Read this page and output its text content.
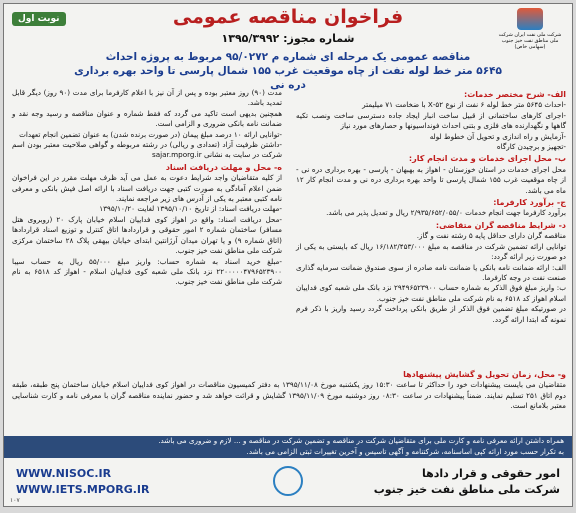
نوبت اول	فراخوان مناقصه عمومی
شماره مجوز: ۱۳۹۵/۳۹۹۲	شرکت ملی نفت ایران شرکت ملی مناطق نفت خیز جنوب (سهامی خاص)
مناقصه عمومی یک مرحله ای شماره م ۹۵/۰۲۷۲ مربوط به پروژه احداث
۵۶۴۵ متر خط لوله نفت از چاه موقعیت غرب ۱۵۵ شمال پارسی تا واحد بهره برداری دره نی
الف- شرح مختصر خدمات:

-احداث ۵۶۴۵ متر خط لوله ۶ نفت از نوع ۵۲-X با ضخامت ۷۱ میلیمتر

-اجرای کارهای ساختمانی از قبیل ساخت انبار ایجاد جاده دسترسی ساخت ونصب تکیه گاهها و نگهدارنده های فلزی و بتنی احداث فونداسیونها و حصارهای مورد نیاز

-آزمایش و راه اندازی و تحویل آن خطوط لوله

-تجهیز و برچیدن کارگاه

ب- محل اجرای خدمات و مدت انجام کار:

محل اجرای خدمات در استان خوزستان - اهواز به بهبهان - پارسی - بهره برداری دره نی - از چاه موقعیت غرب ۱۵۵ شمال پارسی تا واحد بهره برداری دره نی و مدت انجام کار ۱۲ ماه می باشد.

ج- برآورد کارفرما:

برآورد کارفرما جهت انجام خدمات ۲/۹۳۵/۶۵۲/۰۵۵/۰ ریال و تعدیل پذیر می باشد.

د- شرایط مناقصه گران متقاضی:

مناقصه گران دارای حداقل پایه ۵ رشته نفت و گاز.

توانایی ارائه تضمین شرکت در مناقصه به مبلغ ۱۶/۱۸۲/۴۵۳/۰۰۰ ریال که بایستی به یکی از دو صورت زیر ارائه گردد:

الف: ارائه ضمانت نامه بانکی یا ضمانت نامه صادره از سوی صندوق ضمانت سرمایه گذاری صنعت نفت در وجه کارفرما.

ب: واریز مبلغ فوق الذکر به شماره حساب ۲۹۴۹۶۵۲۳۹۰۰ نزد بانک ملی شعبه کوی فداییان اسلام اهواز کد ۶۵۱۸ به نام شرکت ملی مناطق نفت خیز جنوب.

در صورتیکه مبلغ تضمین فوق الذکر از طریق بانکی پرداخت گردد رسید واریز با ذکر فرم نمونه گه ابتدا ارائه گردد.

مدت (۹۰) روز معتبر بوده و پس از آن نیز با اعلام کارفرما برای مدت (۹۰ روز) دیگر قابل تمدید باشد.

همچنین بدیهی است تاکید می گردد که فقط شماره و عنوان مناقصه و رسید وجه نقد و ضمانت نامه بانکی ضروری و الزامی است.

-توانایی ارائه ۱۰ درصد مبلغ پیمان (در صورت برنده شدن) به عنوان تضمین انجام تعهدات

-داشتن ظرفیت آزاد (تعدادی و ریالی) در رشته مربوطه و گواهی صلاحیت معتبر بودن اسم شرکت در سایت به نشانی sajar.mporg.ir

ه- محل و مهلت دریافت اسناد

از کلیه متقاضیان واجد شرایط دعوت به عمل می آید ظرف مهلت مقرر در این فراخوان ضمن اعلام آمادگی به صورت کتبی جهت دریافت اسناد با ارائه اصل فیش بانکی و معرفی نامه کتبی معتبر به یکی از آدرس های زیر مراجعه نمایند.

-مهلت دریافت اسناد: از تاریخ ۱۳۹۵/۱۰/۱۰ لغایت ۱۳۹۵/۱۰/۲۰

-محل دریافت اسناد: واقع در اهواز کوی فداییان اسلام خیابان پارک ۲۰ (روبروی هتل مسافر) ساختمان شماره ۲ امور حقوقی و قراردادها اتاق کنترل و توزیع اسناد قراردادها (اتاق شماره ۹) و یا تهران میدان آرژانتین ابتدای خیابان بیهقی پلاک ۲۸ ساختمان مرکزی شرکت ملی مناطق نفت خیز جنوب.

-مبلغ خرید اسناد به شماره حساب: واریز مبلغ ۵۵/۰۰۰ ریال به حساب سیبا ۲۲۰۰۰۰۰۴۷۹۶۵۲۳۹۰۰ نزد بانک ملی شعبه کوی فداییان اسلام - اهواز کد ۶۵۱۸ به نام شرکت ملی مناطق نفت خیز جنوب.

و- محل، زمان تحویل و گشایش پیشنهادها

متقاضیان می بایست پیشنهادات خود را حداکثر تا ساعت ۱۵:۳۰ روز یکشنبه مورخ ۱۳۹۵/۱۱/۰۸ به دفتر کمیسیون مناقصات در اهواز کوی فداییان اسلام خیابان ساختمان پنج طبقه، طبقه دوم اتاق ۲۵۱ تسلیم نمایند. ضمناً پیشنهادات در ساعت ۰۸:۳۰ روز دوشنبه مورخ ۱۳۹۵/۱۱/۰۹ گشایش و قرائت خواهد شد و حضور نماینده مناقصه گران با معرفی نامه و کارت شناسایی معتبر بلامانع است.

همراه داشتن ارائه معرفی نامه و کارت ملی برای متقاضیان شرکت در مناقصه و تضمین شرکت در مناقصه و ... لازم و ضروری می باشد.
به تکرار حسب مورد ارائه کپی اساسنامه، شرکتنامه و آگهی تاسیس و آخرین تغییرات ثبتی الزامی می باشد.
امور حقوقی و قرار دادها
شرکت ملی مناطق نفت خیز جنوب
WWW.NISOC.IR
WWW.IETS.MPORG.IR
۱۰۷
